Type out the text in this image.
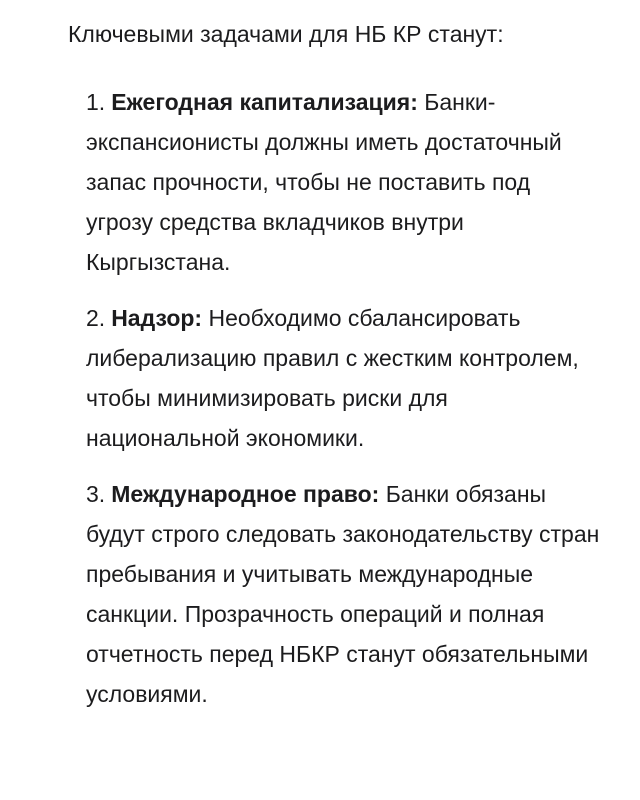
Ключевыми задачами для НБ КР станут:

1. Ежегодная капитализация: Банки-экспансионисты должны иметь достаточный запас прочности, чтобы не поставить под угрозу средства вкладчиков внутри Кыргызстана.
2. Надзор: Необходимо сбалансировать либерализацию правил с жестким контролем, чтобы минимизировать риски для национальной экономики.
3. Международное право: Банки обязаны будут строго следовать законодательству стран пребывания и учитывать международные санкции. Прозрачность операций и полная отчетность перед НБКР станут обязательными условиями.
